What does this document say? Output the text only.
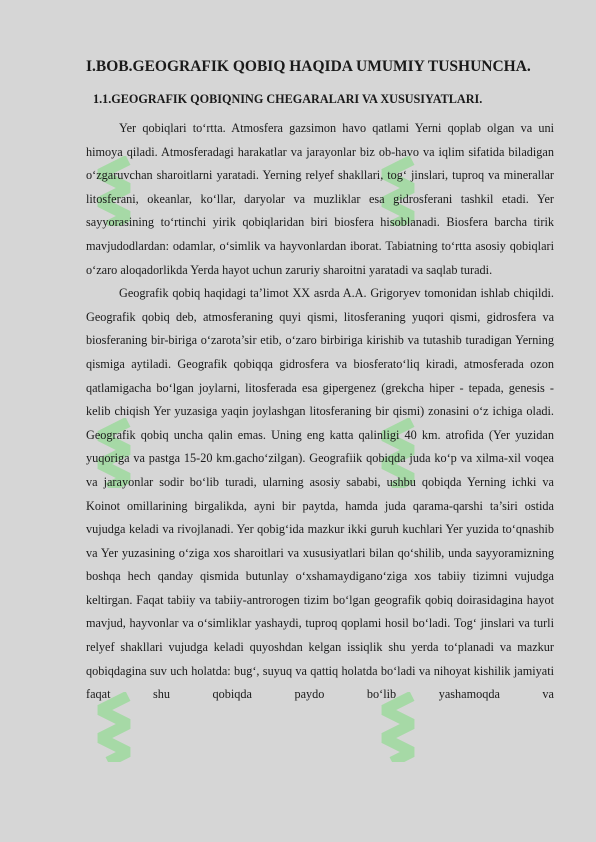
I.BOB.GEOGRAFIK QOBIQ HAQIDA UMUMIY TUSHUNCHA.
1.1.GEOGRAFIK QOBIQNING CHEGARALARI VA XUSUSIYATLARI.

Yer qobiqlari to‘rtta. Atmosfera gazsimon havo qatlami Yerni qoplab olgan va uni himoya qiladi. Atmosferadagi harakatlar va jarayonlar biz ob-havo va iqlim sifatida biladigan o‘zgaruvchan sharoitlarni yaratadi. Yerning relyef shakllari, tog‘ jinslari, tuproq va minerallar litosferani, okeanlar, ko‘llar, daryolar va muzliklar esa gidrosferani tashkil etadi. Yer sayyorasining to‘rtinchi yirik qobiqlaridan biri biosfera hisoblanadi. Biosfera barcha tirik mavjudodlardan: odamlar, o‘simlik va hayvonlardan iborat. Tabiatning to‘rtta asosiy qobiqlari o‘zaro aloqadorlikda Yerda hayot uchun zaruriy sharoitni yaratadi va saqlab turadi.

Geografik qobiq haqidagi ta’limot XX asrda A.A. Grigoryev tomonidan ishlab chiqildi. Geografik qobiq deb, atmosferaning quyi qismi, litosferaning yuqori qismi, gidrosfera va biosferaning bir-biriga o‘zarota’sir etib, o‘zaro birbiriga kirishib va tutashib turadigan Yerning qismiga aytiladi. Geografik qobiqqa gidrosfera va biosferato‘liq kiradi, atmosferada ozon qatlamigacha bo‘lgan joylarni, litosferada esa gipergenez (grekcha hiper - tepada, genesis - kelib chiqish Yer yuzasiga yaqin joylashgan litosferaning bir qismi) zonasini o‘z ichiga oladi. Geografik qobiq uncha qalin emas. Uning eng katta qalinligi 40 km. atrofida (Yer yuzidan yuqoriga va pastga 15-20 km.gacho‘zilgan). Geografiik qobiqda juda ko‘p va xilma-xil voqea va jarayonlar sodir bo‘lib turadi, ularning asosiy sababi, ushbu qobiqda Yerning ichki va Koinot omillarining birgalikda, ayni bir paytda, hamda juda qarama-qarshi ta’siri ostida vujudga keladi va rivojlanadi. Yer qobig‘ida mazkur ikki guruh kuchlari Yer yuzida to‘qnashib va Yer yuzasining o‘ziga xos sharoitlari va xususiyatlari bilan qo‘shilib, unda sayyoramizning boshqa hech qanday qismida butunlay o‘xshamaydigano‘ziga xos tabiiy tizimni vujudga keltirgan. Faqat tabiiy va tabiiy-antrorogen tizim bo‘lgan geografik qobiq doirasidagina hayot mavjud, hayvonlar va o‘simliklar yashaydi, tuproq qoplami hosil bo‘ladi. Tog‘ jinslari va turli relyef shakllari vujudga keladi quyoshdan kelgan issiqlik shu yerda to‘planadi va mazkur qobiqdagina suv uch holatda: bug‘, suyuq va qattiq holatda bo‘ladi va nihoyat kishilik jamiyati faqat shu qobiqda paydo bo‘lib yashamoqda va
